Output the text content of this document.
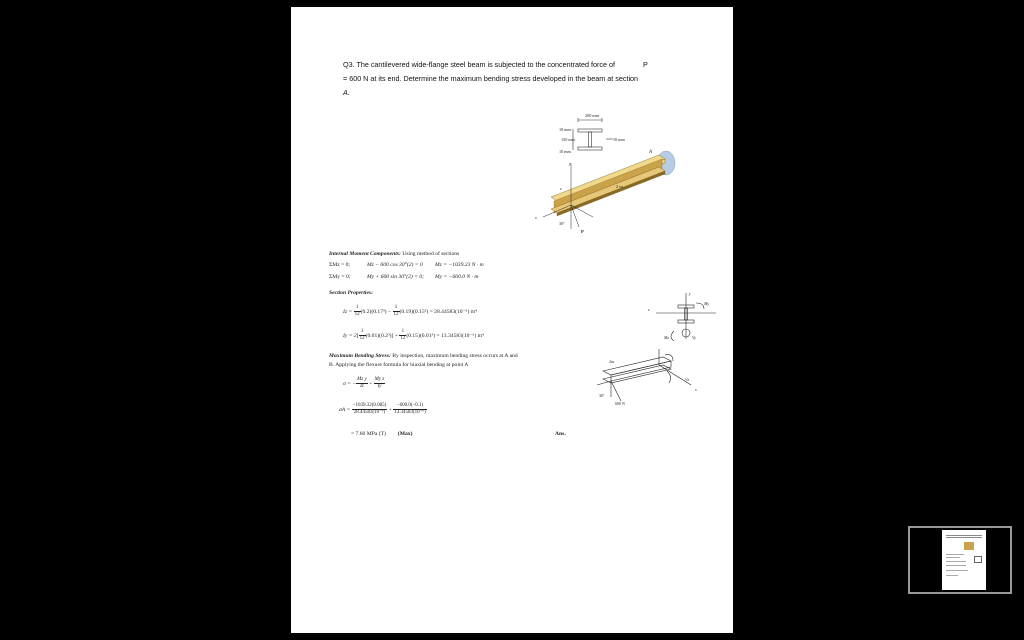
Q3. The cantilevered wide-flange steel beam is subjected to the concentrated force of	P
= 600 N at its end. Determine the maximum bending stress developed in the beam at section
A.
200 mm
10 mm
150 mm	10 mm
10 mm	A
2 m
y
z
x
30°
P
Internal Moment Components: Using method of sections
ΣMz = 0;	Mz − 600 cos 30°(2) = 0 Mz = −1039.23 N · m
ΣMy = 0;	My + 600 sin 30°(2) = 0; My = −600.0 N · m
Section Properties:
$Iz = \frac{1}{12} (0.2)(0.17^3) - \frac{1}{12} (0.19)(0.15^3) = 28.44583(10^{-6})$ m⁴
$Iy = 2[ \frac{1}{12} (0.01)(0.2^3)] + \frac{1}{12} (0.15)(0.01^3) = 13.34583(10^{-6})$ m⁴
Maximum Bending Stress: By inspection, maximum bending stress occurs at A and
B. Applying the flexure formula for biaxial bending at point A
σ = − $\frac{\text{Mz y}}{Iz} + \frac{\text{My z}}{Iy}$
$\sigma A = \frac{-1039.32(0.085)}{\text{28.44583(10⁻⁶)}} + \frac{-600.0(-0.1)}{\text{13.34583(10⁻⁶)}}$
= 7.60 MPa (T) (Max)	Ans.
z
My
Mz
y
Vy
2m
30°
600 N
Vz
x
